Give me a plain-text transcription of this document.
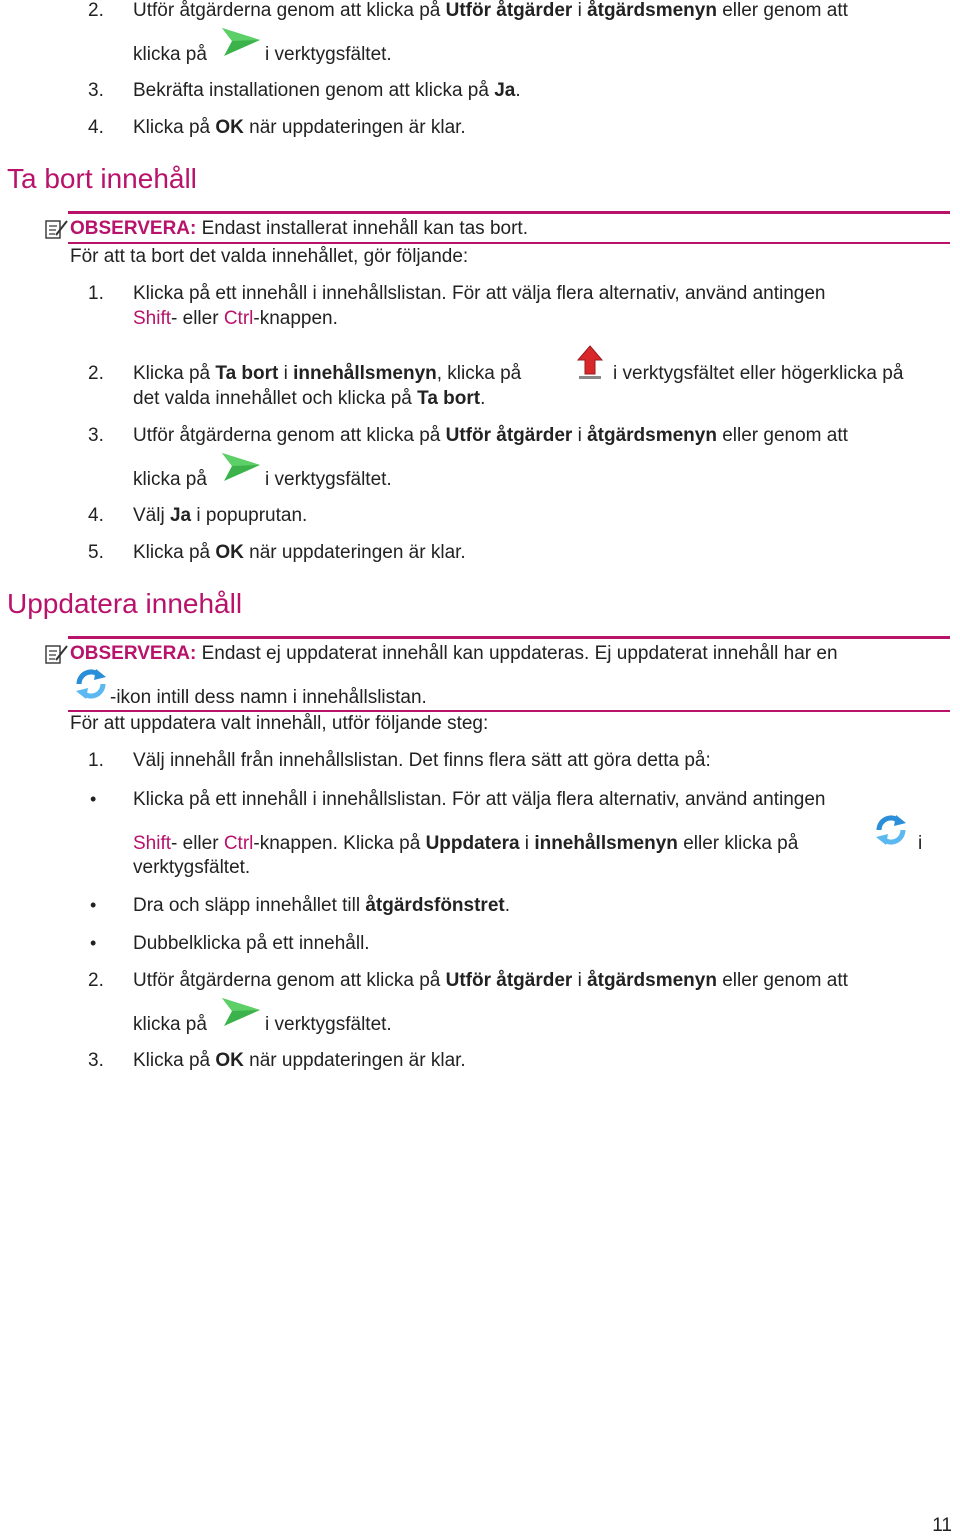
2. Utför åtgärderna genom att klicka på Utför åtgärder i åtgärdsmenyn eller genom att
klicka på	i verktygsfältet.
3. Bekräfta installationen genom att klicka på Ja.
4. Klicka på OK när uppdateringen är klar.
Ta bort innehåll
OBSERVERA: Endast installerat innehåll kan tas bort.
För att ta bort det valda innehållet, gör följande:
1. Klicka på ett innehåll i innehållslistan. För att välja flera alternativ, använd antingen
Shift- eller Ctrl-knappen.
2. Klicka på Ta bort i innehållsmenyn, klicka på	i verktygsfältet eller högerklicka på
det valda innehållet och klicka på Ta bort.
3. Utför åtgärderna genom att klicka på Utför åtgärder i åtgärdsmenyn eller genom att
klicka på	i verktygsfältet.
4. Välj Ja i popuprutan.
5. Klicka på OK när uppdateringen är klar.
Uppdatera innehåll
OBSERVERA: Endast ej uppdaterat innehåll kan uppdateras. Ej uppdaterat innehåll har en
-ikon intill dess namn i innehållslistan.
För att uppdatera valt innehåll, utför följande steg:
1. Välj innehåll från innehållslistan. Det finns flera sätt att göra detta på:
• Klicka på ett innehåll i innehållslistan. För att välja flera alternativ, använd antingen
Shift- eller Ctrl-knappen. Klicka på Uppdatera i innehållsmenyn eller klicka på	i
verktygsfältet.
• Dra och släpp innehållet till åtgärdsfönstret.
• Dubbelklicka på ett innehåll.
2. Utför åtgärderna genom att klicka på Utför åtgärder i åtgärdsmenyn eller genom att
klicka på	i verktygsfältet.
3. Klicka på OK när uppdateringen är klar.
11
